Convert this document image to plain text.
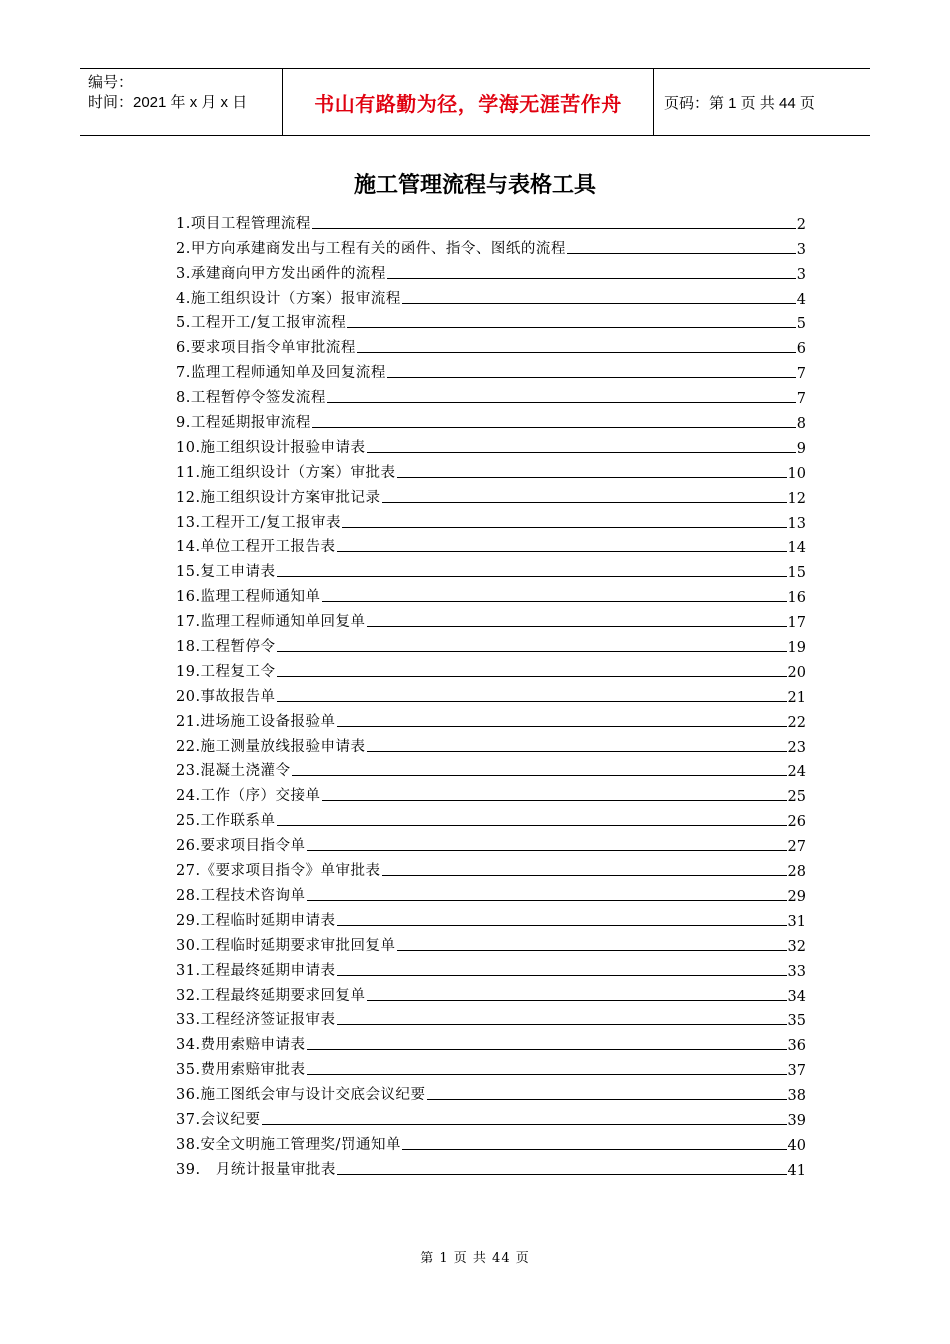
编号：
时间：2021 年 x 月 x 日	书山有路勤为径，学海无涯苦作舟	页码：第 1 页 共 44 页
施工管理流程与表格工具
1.项目工程管理流程	2
2.甲方向承建商发出与工程有关的函件、指令、图纸的流程	3
3.承建商向甲方发出函件的流程	3
4.施工组织设计（方案）报审流程	4
5.工程开工/复工报审流程	5
6.要求项目指令单审批流程	6
7.监理工程师通知单及回复流程	7
8.工程暂停令签发流程	7
9.工程延期报审流程	8
10.施工组织设计报验申请表	9
11.施工组织设计（方案）审批表	10
12.施工组织设计方案审批记录	12
13.工程开工/复工报审表	13
14.单位工程开工报告表	14
15.复工申请表	15
16.监理工程师通知单	16
17.监理工程师通知单回复单	17
18.工程暂停令	19
19.工程复工令	20
20.事故报告单	21
21.进场施工设备报验单	22
22.施工测量放线报验申请表	23
23.混凝土浇灌令	24
24.工作（序）交接单	25
25.工作联系单	26
26.要求项目指令单	27
27.《要求项目指令》单审批表	28
28.工程技术咨询单	29
29.工程临时延期申请表	31
30.工程临时延期要求审批回复单	32
31.工程最终延期申请表	33
32.工程最终延期要求回复单	34
33.工程经济签证报审表	35
34.费用索赔申请表	36
35.费用索赔审批表	37
36.施工图纸会审与设计交底会议纪要	38
37.会议纪要	39
38.安全文明施工管理奖/罚通知单	40
39.   月统计报量审批表	41
第 1 页 共 44 页
